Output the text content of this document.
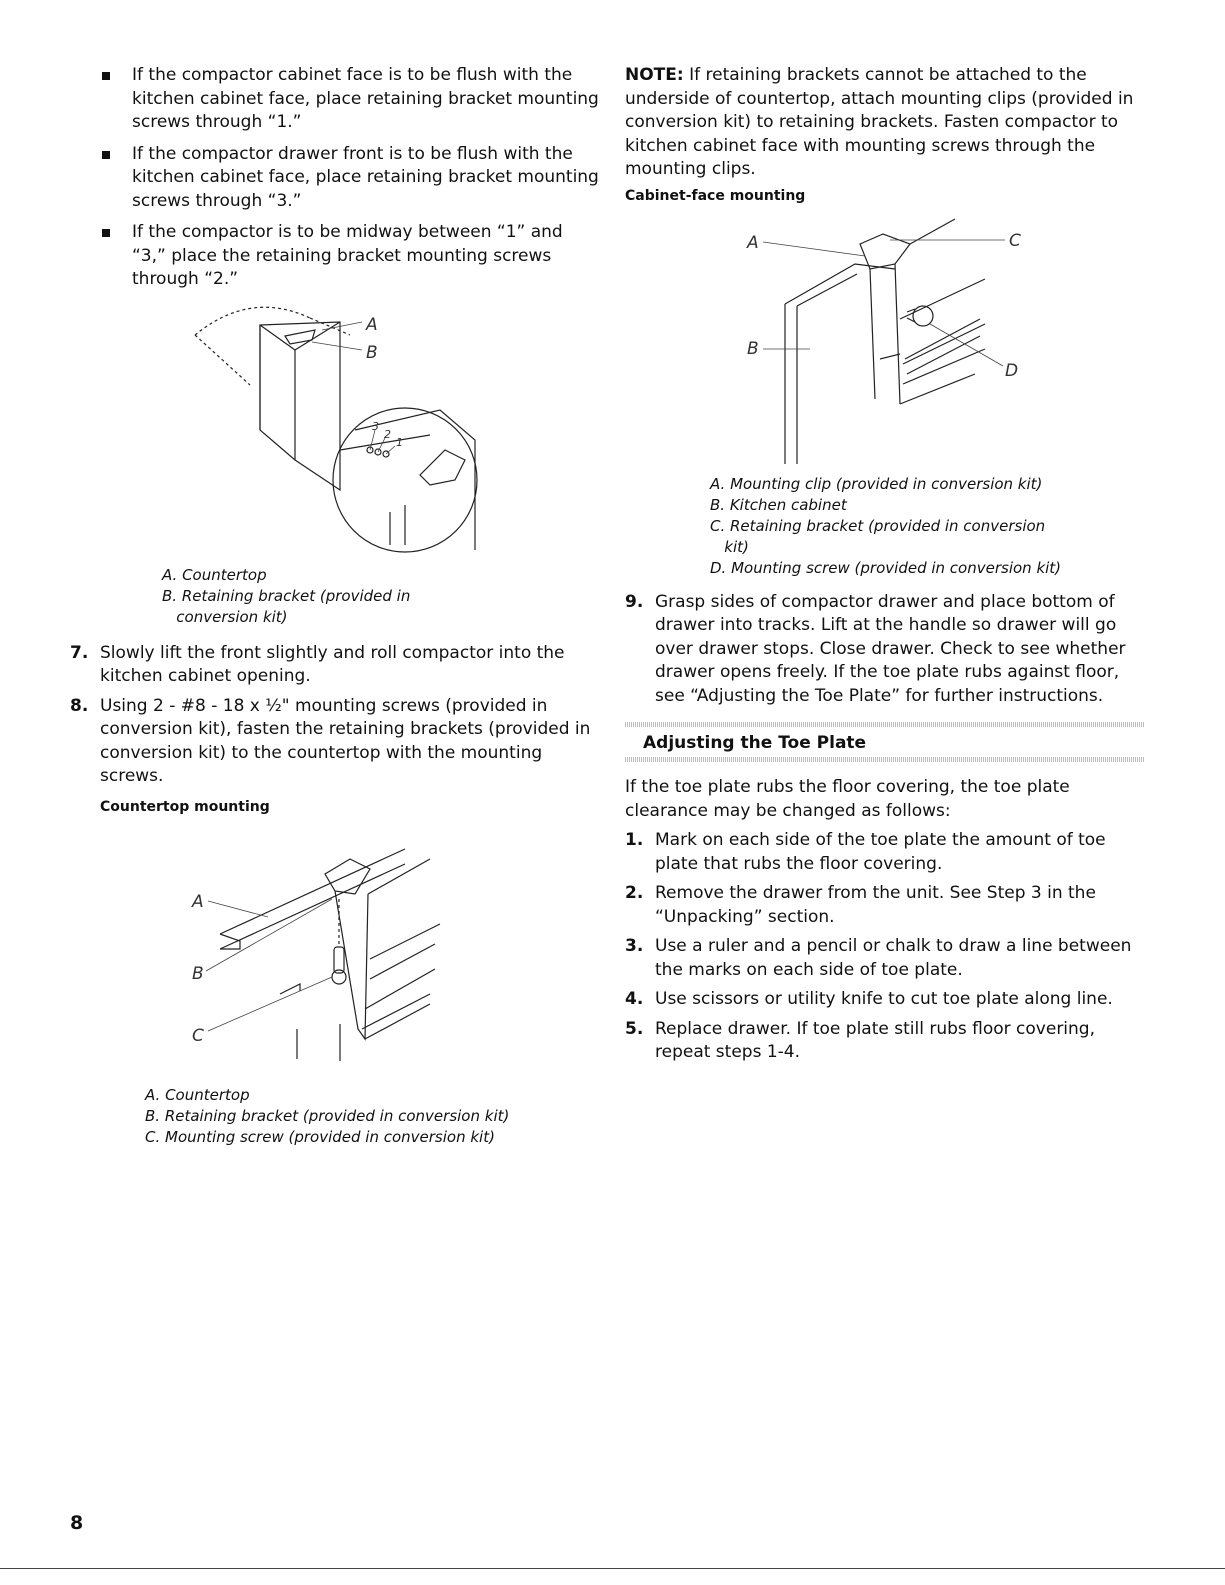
If the compactor cabinet face is to be flush with the kitchen cabinet face, place retaining bracket mounting screws through “1.”
If the compactor drawer front is to be flush with the kitchen cabinet face, place retaining bracket mounting screws through “3.”
If the compactor is to be midway between “1” and “3,” place the retaining bracket mounting screws through “2.”
A
B
3
2
1
A. Countertop
B. Retaining bracket (provided in
conversion kit)
7. Slowly lift the front slightly and roll compactor into the kitchen cabinet opening.
8. Using 2 - #8 - 18 x ½" mounting screws (provided in conversion kit), fasten the retaining brackets (provided in conversion kit) to the countertop with the mounting screws.
Countertop mounting
A
B
C
A. Countertop
B. Retaining bracket (provided in conversion kit)
C. Mounting screw (provided in conversion kit)

NOTE: If retaining brackets cannot be attached to the underside of countertop, attach mounting clips (provided in conversion kit) to retaining brackets. Fasten compactor to kitchen cabinet face with mounting screws through the mounting clips.

Cabinet-face mounting
A	C
B
D
A. Mounting clip (provided in conversion kit)
B. Kitchen cabinet
C. Retaining bracket (provided in conversion
kit)
D. Mounting screw (provided in conversion kit)
9. Grasp sides of compactor drawer and place bottom of drawer into tracks. Lift at the handle so drawer will go over drawer stops. Close drawer. Check to see whether drawer opens freely. If the toe plate rubs against floor, see “Adjusting the Toe Plate” for further instructions.
Adjusting the Toe Plate

If the toe plate rubs the floor covering, the toe plate clearance may be changed as follows:

1. Mark on each side of the toe plate the amount of toe plate that rubs the floor covering.
2. Remove the drawer from the unit. See Step 3 in the “Unpacking” section.
3. Use a ruler and a pencil or chalk to draw a line between the marks on each side of toe plate.
4. Use scissors or utility knife to cut toe plate along line.
5. Replace drawer. If toe plate still rubs floor covering, repeat steps 1-4.
8
